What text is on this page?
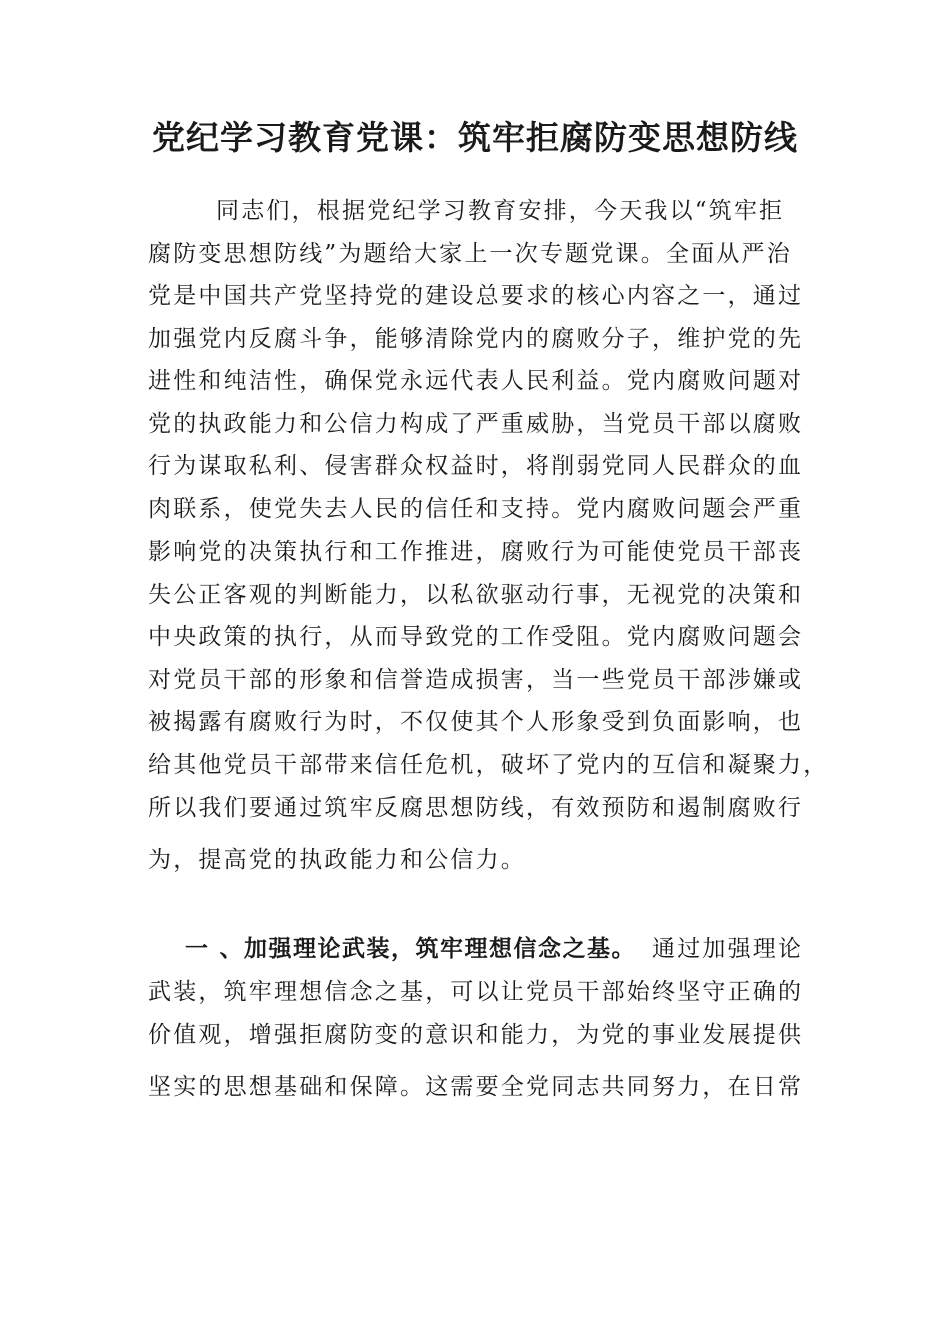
党纪学习教育党课：筑牢拒腐防变思想防线
同志们，根据党纪学习教育安排，今天我以“筑牢拒
腐防变思想防线”为题给大家上一次专题党课。全面从严治
党是中国共产党坚持党的建设总要求的核心内容之一，通过
加强党内反腐斗争，能够清除党内的腐败分子，维护党的先
进性和纯洁性，确保党永远代表人民利益。党内腐败问题对
党的执政能力和公信力构成了严重威胁，当党员干部以腐败
行为谋取私利、侵害群众权益时，将削弱党同人民群众的血
肉联系，使党失去人民的信任和支持。党内腐败问题会严重
影响党的决策执行和工作推进，腐败行为可能使党员干部丧
失公正客观的判断能力，以私欲驱动行事，无视党的决策和
中央政策的执行，从而导致党的工作受阻。党内腐败问题会
对党员干部的形象和信誉造成损害，当一些党员干部涉嫌或
被揭露有腐败行为时，不仅使其个人形象受到负面影响，也
给其他党员干部带来信任危机，破坏了党内的互信和凝聚力，
所以我们要通过筑牢反腐思想防线，有效预防和遏制腐败行
为，提高党的执政能力和公信力。
一 、加强理论武装，筑牢理想信念之基。 通过加强理论
武装，筑牢理想信念之基，可以让党员干部始终坚守正确的
价值观，增强拒腐防变的意识和能力，为党的事业发展提供
坚实的思想基础和保障。这需要全党同志共同努力，在日常
